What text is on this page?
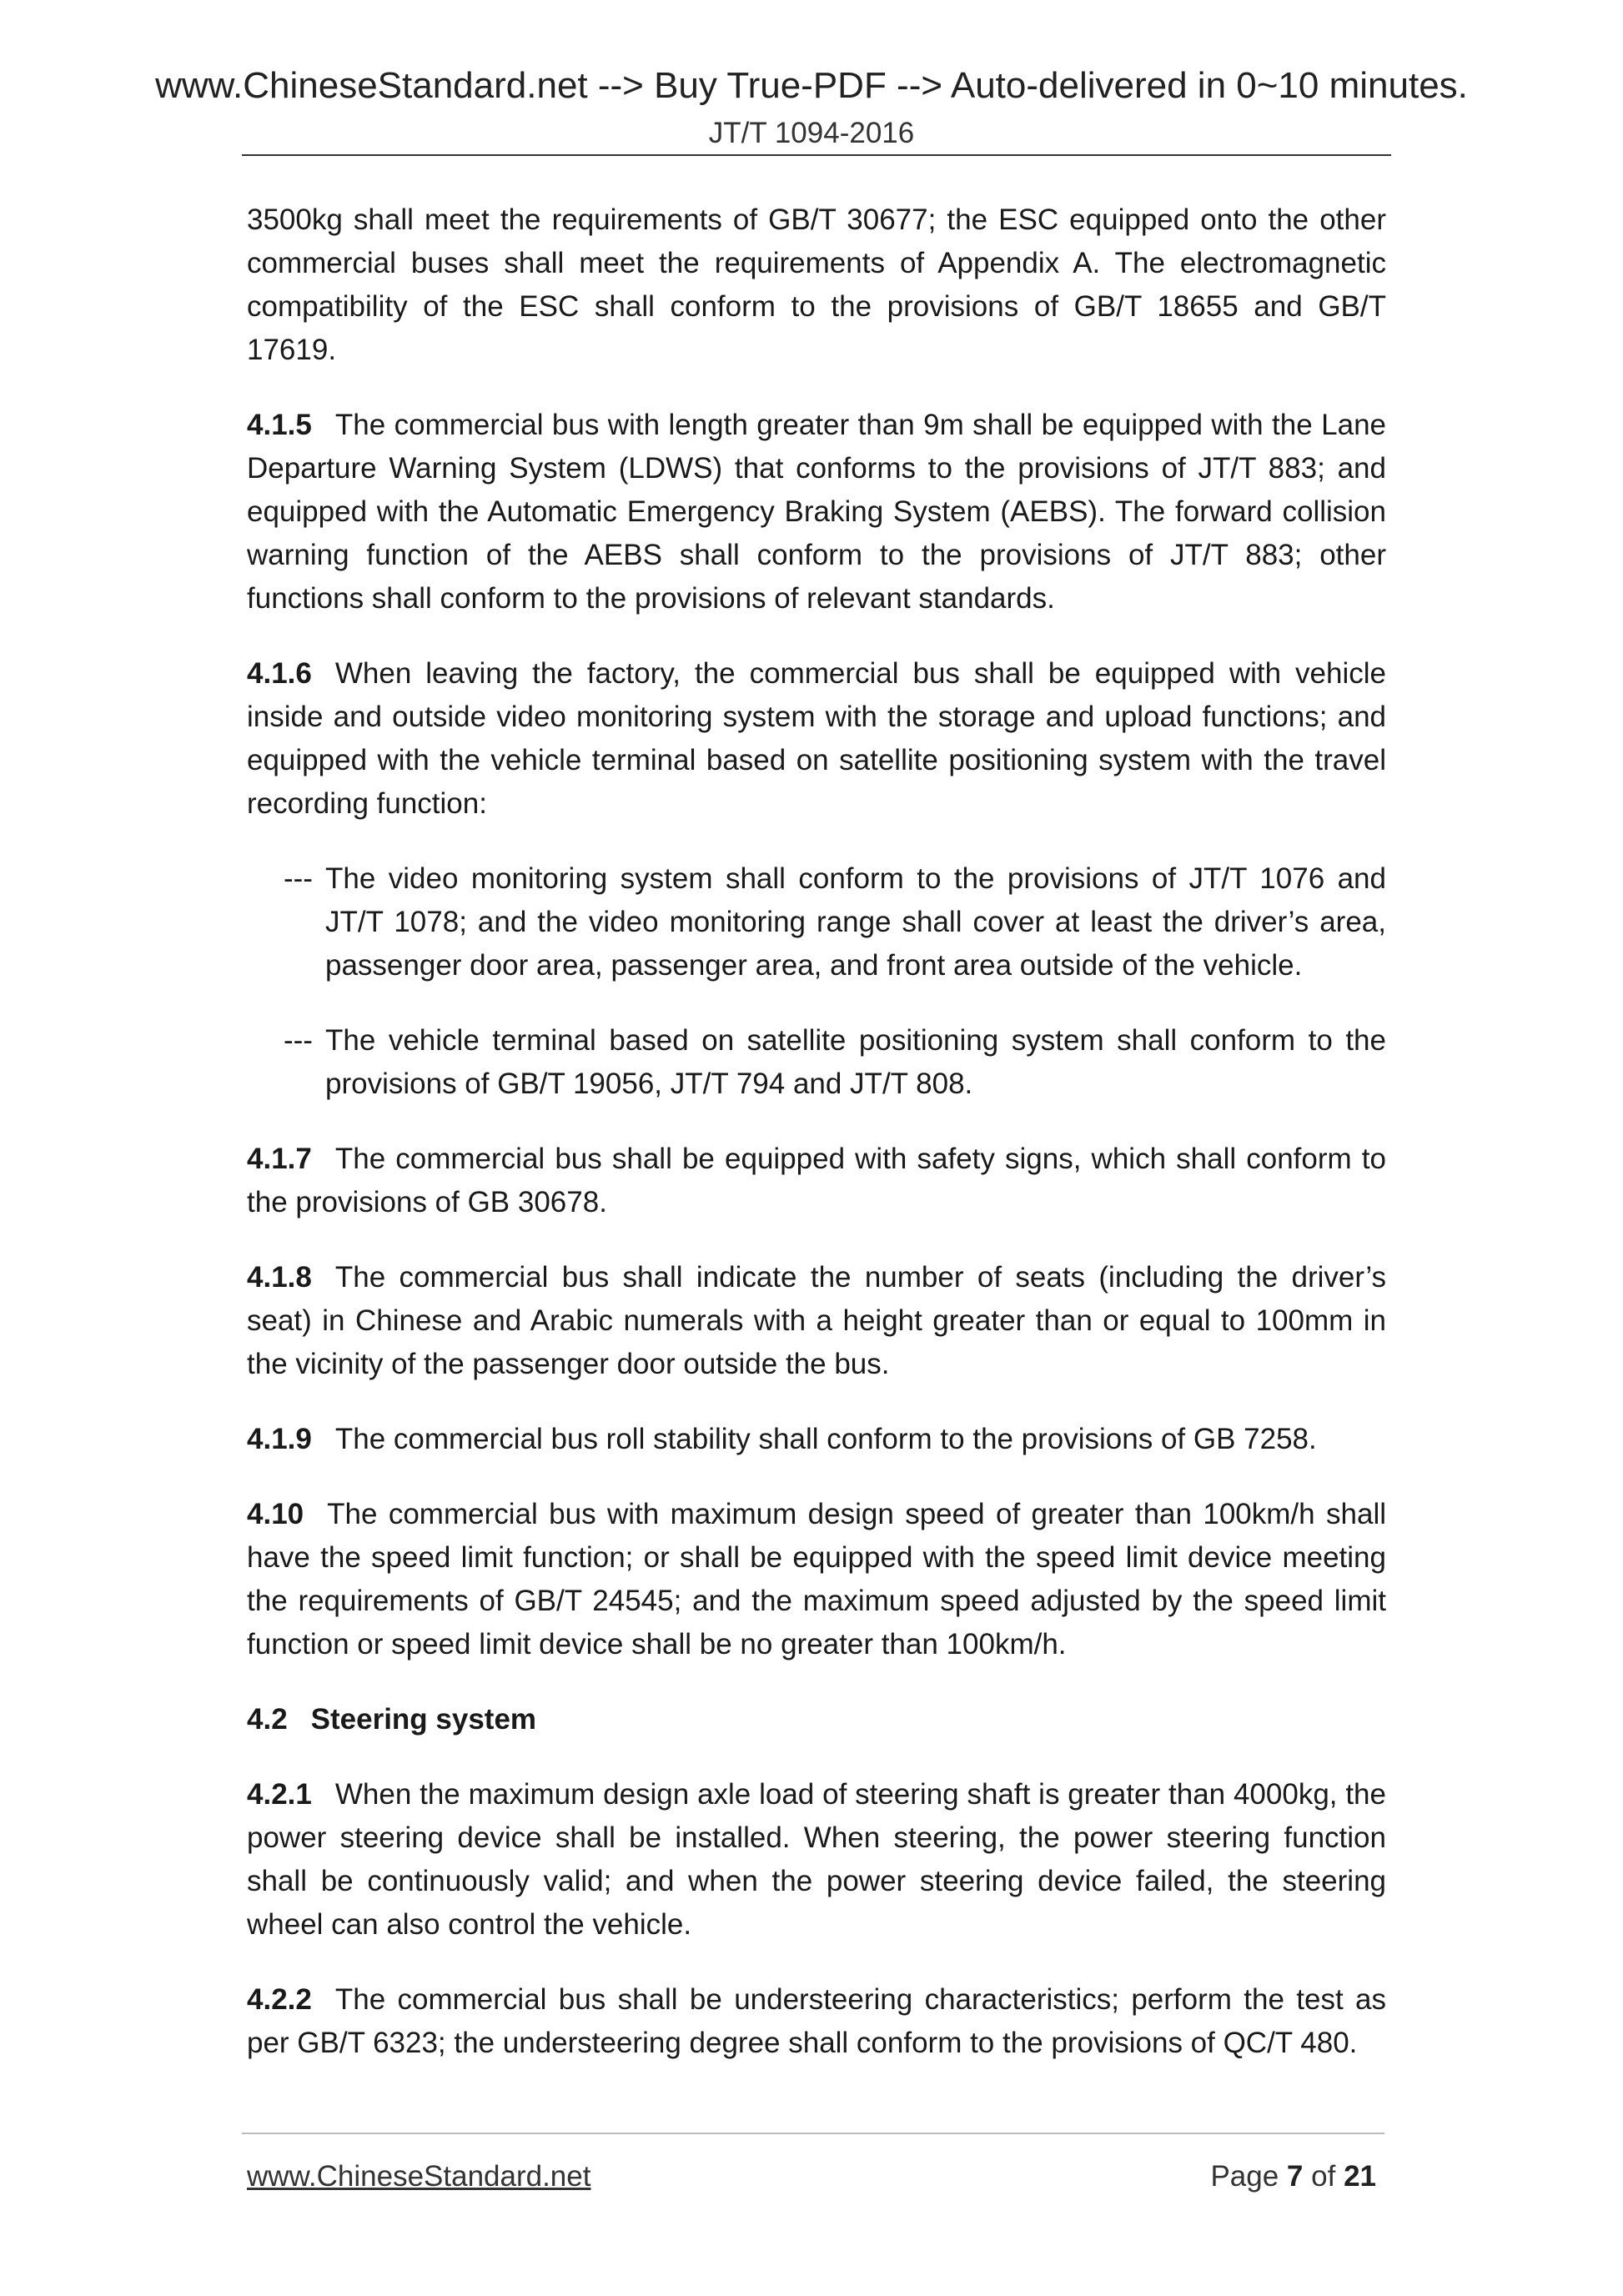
www.ChineseStandard.net --> Buy True-PDF --> Auto-delivered in 0~10 minutes.
JT/T 1094-2016

3500kg shall meet the requirements of GB/T 30677; the ESC equipped onto the other commercial buses shall meet the requirements of Appendix A. The electromagnetic compatibility of the ESC shall conform to the provisions of GB/T 18655 and GB/T 17619.

4.1.5 The commercial bus with length greater than 9m shall be equipped with the Lane Departure Warning System (LDWS) that conforms to the provisions of JT/T 883; and equipped with the Automatic Emergency Braking System (AEBS). The forward collision warning function of the AEBS shall conform to the provisions of JT/T 883; other functions shall conform to the provisions of relevant standards.

4.1.6 When leaving the factory, the commercial bus shall be equipped with vehicle inside and outside video monitoring system with the storage and upload functions; and equipped with the vehicle terminal based on satellite positioning system with the travel recording function:

--- The video monitoring system shall conform to the provisions of JT/T 1076 and JT/T 1078; and the video monitoring range shall cover at least the driver’s area, passenger door area, passenger area, and front area outside of the vehicle.

--- The vehicle terminal based on satellite positioning system shall conform to the provisions of GB/T 19056, JT/T 794 and JT/T 808.

4.1.7 The commercial bus shall be equipped with safety signs, which shall conform to the provisions of GB 30678.

4.1.8 The commercial bus shall indicate the number of seats (including the driver’s seat) in Chinese and Arabic numerals with a height greater than or equal to 100mm in the vicinity of the passenger door outside the bus.

4.1.9 The commercial bus roll stability shall conform to the provisions of GB 7258.

4.10 The commercial bus with maximum design speed of greater than 100km/h shall have the speed limit function; or shall be equipped with the speed limit device meeting the requirements of GB/T 24545; and the maximum speed adjusted by the speed limit function or speed limit device shall be no greater than 100km/h.

4.2 Steering system

4.2.1 When the maximum design axle load of steering shaft is greater than 4000kg, the power steering device shall be installed. When steering, the power steering function shall be continuously valid; and when the power steering device failed, the steering wheel can also control the vehicle.

4.2.2 The commercial bus shall be understeering characteristics; perform the test as per GB/T 6323; the understeering degree shall conform to the provisions of QC/T 480.

www.ChineseStandard.net	Page 7 of 21
